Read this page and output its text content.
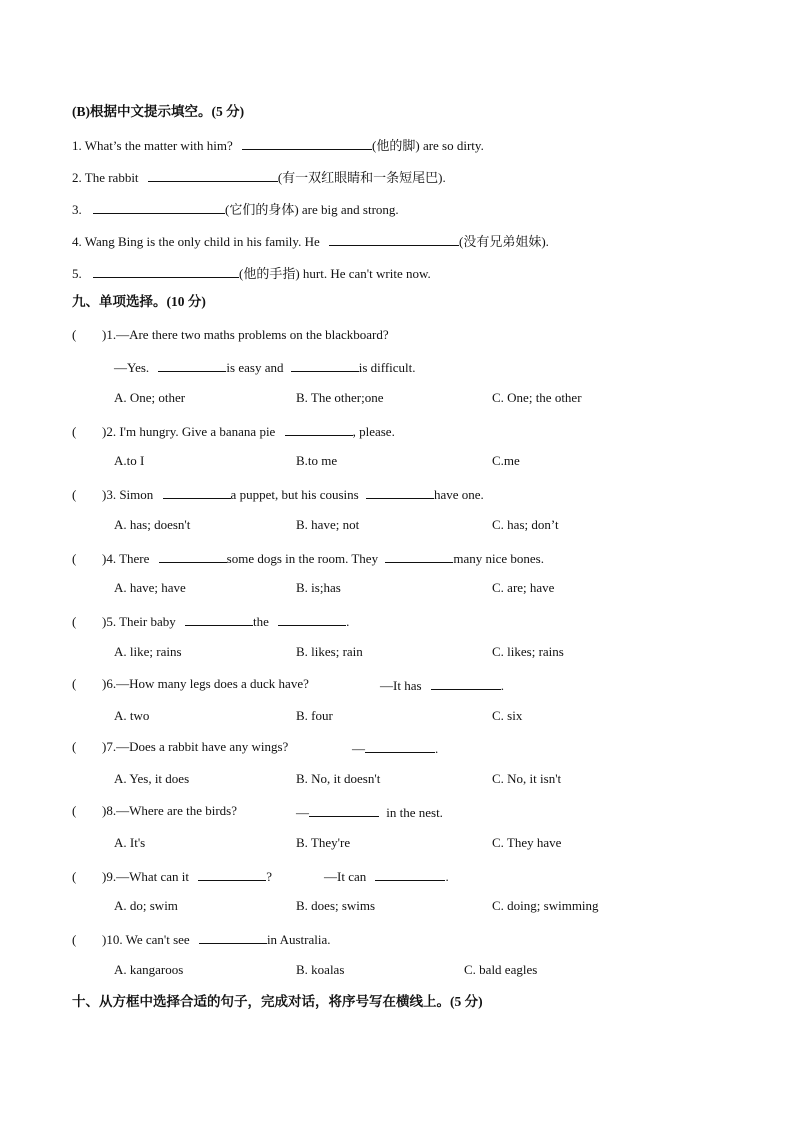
(B)根据中文提示填空。(5 分)
1. What’s the matter with him?	(他的脚) are so dirty.
2. The rabbit	(有一双红眼睛和一条短尾巴).
3.	(它们的身体) are big and strong.
4. Wang Bing is the only child in his family. He	(没有兄弟姐妹).
5.	(他的手指) hurt. He can't write now.
九、单项选择。(10 分)
( )1.—Are there two maths problems on the blackboard?
—Yes.	is easy and	is difficult.
A. One; other	B. The other;one	C. One; the other
( )2. I'm hungry. Give a banana pie	, please.
A.to I	B.to me	C.me
( )3. Simon	a puppet, but his cousins	have one.
A. has; doesn't	B. have; not	C. has; don’t
( )4. There	some dogs in the room. They	many nice bones.
A. have; have	B. is;has	C. are; have
( )5. Their baby	the	.
A. like; rains	B. likes; rain	C. likes; rains
( )6.—How many legs does a duck have?	—It has	.
A. two	B. four	C. six
( )7.—Does a rabbit have any wings?	—	.
A. Yes, it does	B. No, it doesn't	C. No, it isn't
( )8.—Where are the birds?	—	in the nest.
A. It's	B. They're	C. They have
( )9.—What can it	?	—It can	.
A. do; swim	B. does; swims	C. doing; swimming
( )10. We can't see	in Australia.
A. kangaroos	B. koalas	C. bald eagles
十、从方框中选择合适的句子，完成对话，将序号写在横线上。(5 分)
